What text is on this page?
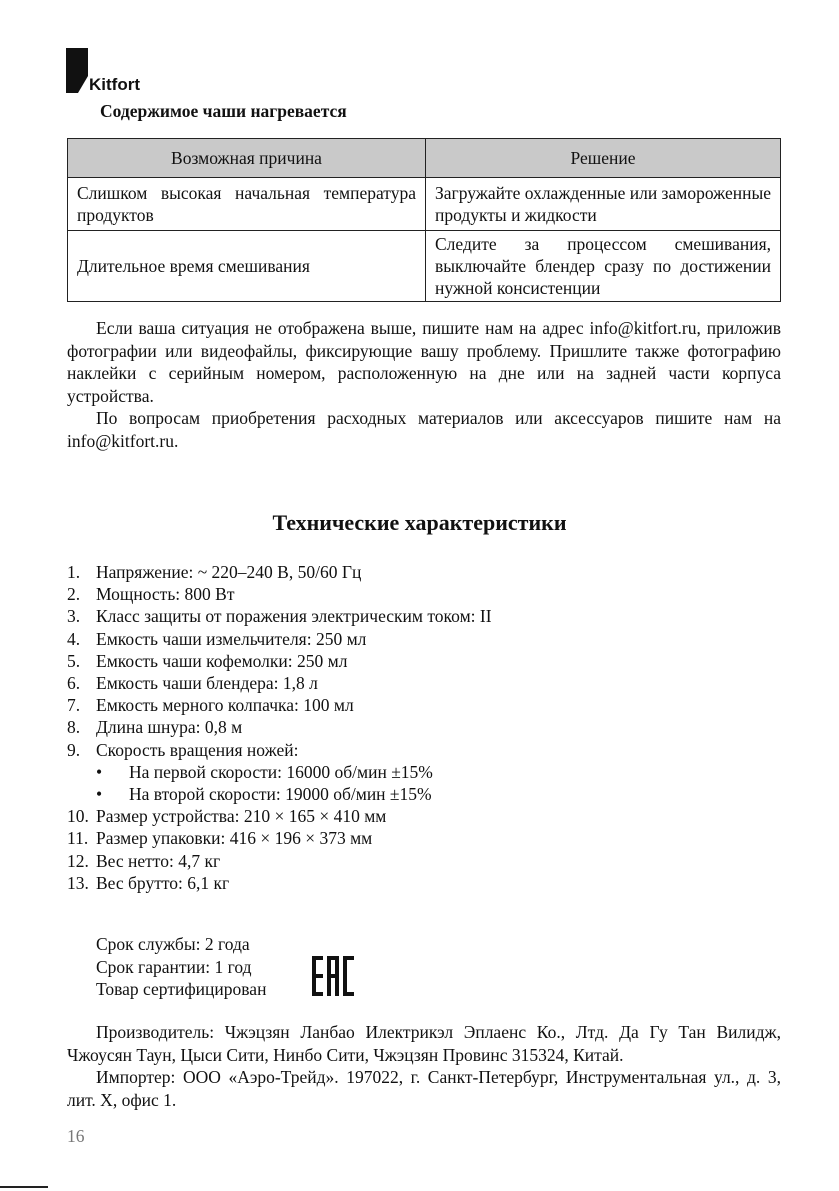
Kitfort
Содержимое чаши нагревается
Возможная причина	Решение
Слишком высокая начальная температура продуктов	Загружайте охлажденные или замороженные продукты и жидкости
Длительное время смешивания	Следите за процессом смешивания, выключайте блендер сразу по достижении нужной консистенции

Если ваша ситуация не отображена выше, пишите нам на адрес info@kitfort.ru, приложив фотографии или видеофайлы, фиксирующие вашу проблему. Пришлите также фотографию наклейки с серийным номером, расположенную на дне или на задней части корпуса устройства.

По вопросам приобретения расходных материалов или аксессуаров пишите нам на info@kitfort.ru.

Технические характеристики
1. Напряжение: ~ 220–240 В, 50/60 Гц
2. Мощность: 800 Вт
3. Класс защиты от поражения электрическим током: II
4. Емкость чаши измельчителя: 250 мл
5. Емкость чаши кофемолки: 250 мл
6. Емкость чаши блендера: 1,8 л
7. Емкость мерного колпачка: 100 мл
8. Длина шнура: 0,8 м
9. Скорость вращения ножей:
• На первой скорости: 16000 об/мин ±15%
• На второй скорости: 19000 об/мин ±15%
10. Размер устройства: 210 × 165 × 410 мм
11. Размер упаковки: 416 × 196 × 373 мм
12. Вес нетто: 4,7 кг
13. Вес брутто: 6,1 кг
Срок службы: 2 года
Срок гарантии: 1 год
Товар сертифицирован

Производитель: Чжэцзян Ланбао Илектрикэл Эплаенс Ко., Лтд. Да Гу Тан Вилидж, Чжоусян Таун, Цыси Сити, Нинбо Сити, Чжэцзян Провинс 315324, Китай.

Импортер: ООО «Аэро-Трейд». 197022, г. Санкт-Петербург, Инструментальная ул., д. 3, лит. Х, офис 1.

16
